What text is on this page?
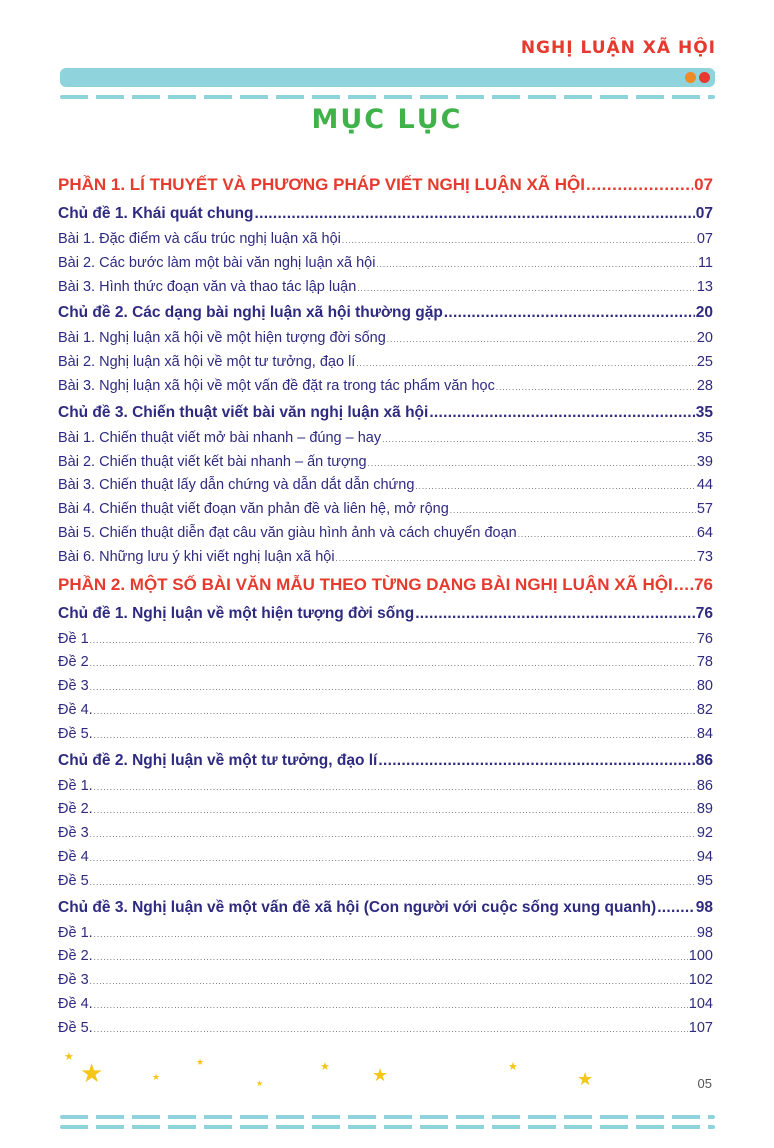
NGHỊ LUẬN XÃ HỘI
MỤC LỤC
PHẦN 1. LÍ THUYẾT VÀ PHƯƠNG PHÁP VIẾT NGHỊ LUẬN XÃ HỘI .....	07
Chủ đề 1. Khái quát chung .....	07
Bài 1. Đặc điểm và cấu trúc nghị luận xã hội .....	07
Bài 2. Các bước làm một bài văn nghị luận xã hội .....	11
Bài 3. Hình thức đoạn văn và thao tác lập luận .....	13
Chủ đề 2. Các dạng bài nghị luận xã hội thường gặp .....	20
Bài 1. Nghị luận xã hội về một hiện tượng đời sống .....	20
Bài 2. Nghị luận xã hội về một tư tưởng, đạo lí .....	25
Bài 3. Nghị luận xã hội về một vấn đề đặt ra trong tác phẩm văn học .....	28
Chủ đề 3. Chiến thuật viết bài văn nghị luận xã hội .....	35
Bài 1. Chiến thuật viết mở bài nhanh – đúng – hay .....	35
Bài 2. Chiến thuật viết kết bài nhanh – ấn tượng .....	39
Bài 3. Chiến thuật lấy dẫn chứng và dẫn dắt dẫn chứng .....	44
Bài 4. Chiến thuật viết đoạn văn phản đề và liên hệ, mở rộng .....	57
Bài 5. Chiến thuật diễn đạt câu văn giàu hình ảnh và cách chuyển đoạn .....	64
Bài 6. Những lưu ý khi viết nghị luận xã hội .....	73
PHẦN 2. MỘT SỐ BÀI VĂN MẪU THEO TỪNG DẠNG BÀI NGHỊ LUẬN XÃ HỘI ..... 76
Chủ đề 1. Nghị luận về một hiện tượng đời sống .....	76
Đề 1 .....	76
Đề 2 .....	78
Đề 3 .....	80
Đề 4. .....	82
Đề 5. .....	84
Chủ đề 2. Nghị luận về một tư tưởng, đạo lí .....	86
Đề 1. .....	86
Đề 2. .....	89
Đề 3 .....	92
Đề 4 .....	94
Đề 5 .....	95
Chủ đề 3. Nghị luận về một vấn đề xã hội (Con người với cuộc sống xung quanh) .....	98
Đề 1. .....	98
Đề 2. .....	100
Đề 3 .....	102
Đề 4. .....	104
Đề 5. .....	107
★
★	★
★
★
★ ★	★
★	05
